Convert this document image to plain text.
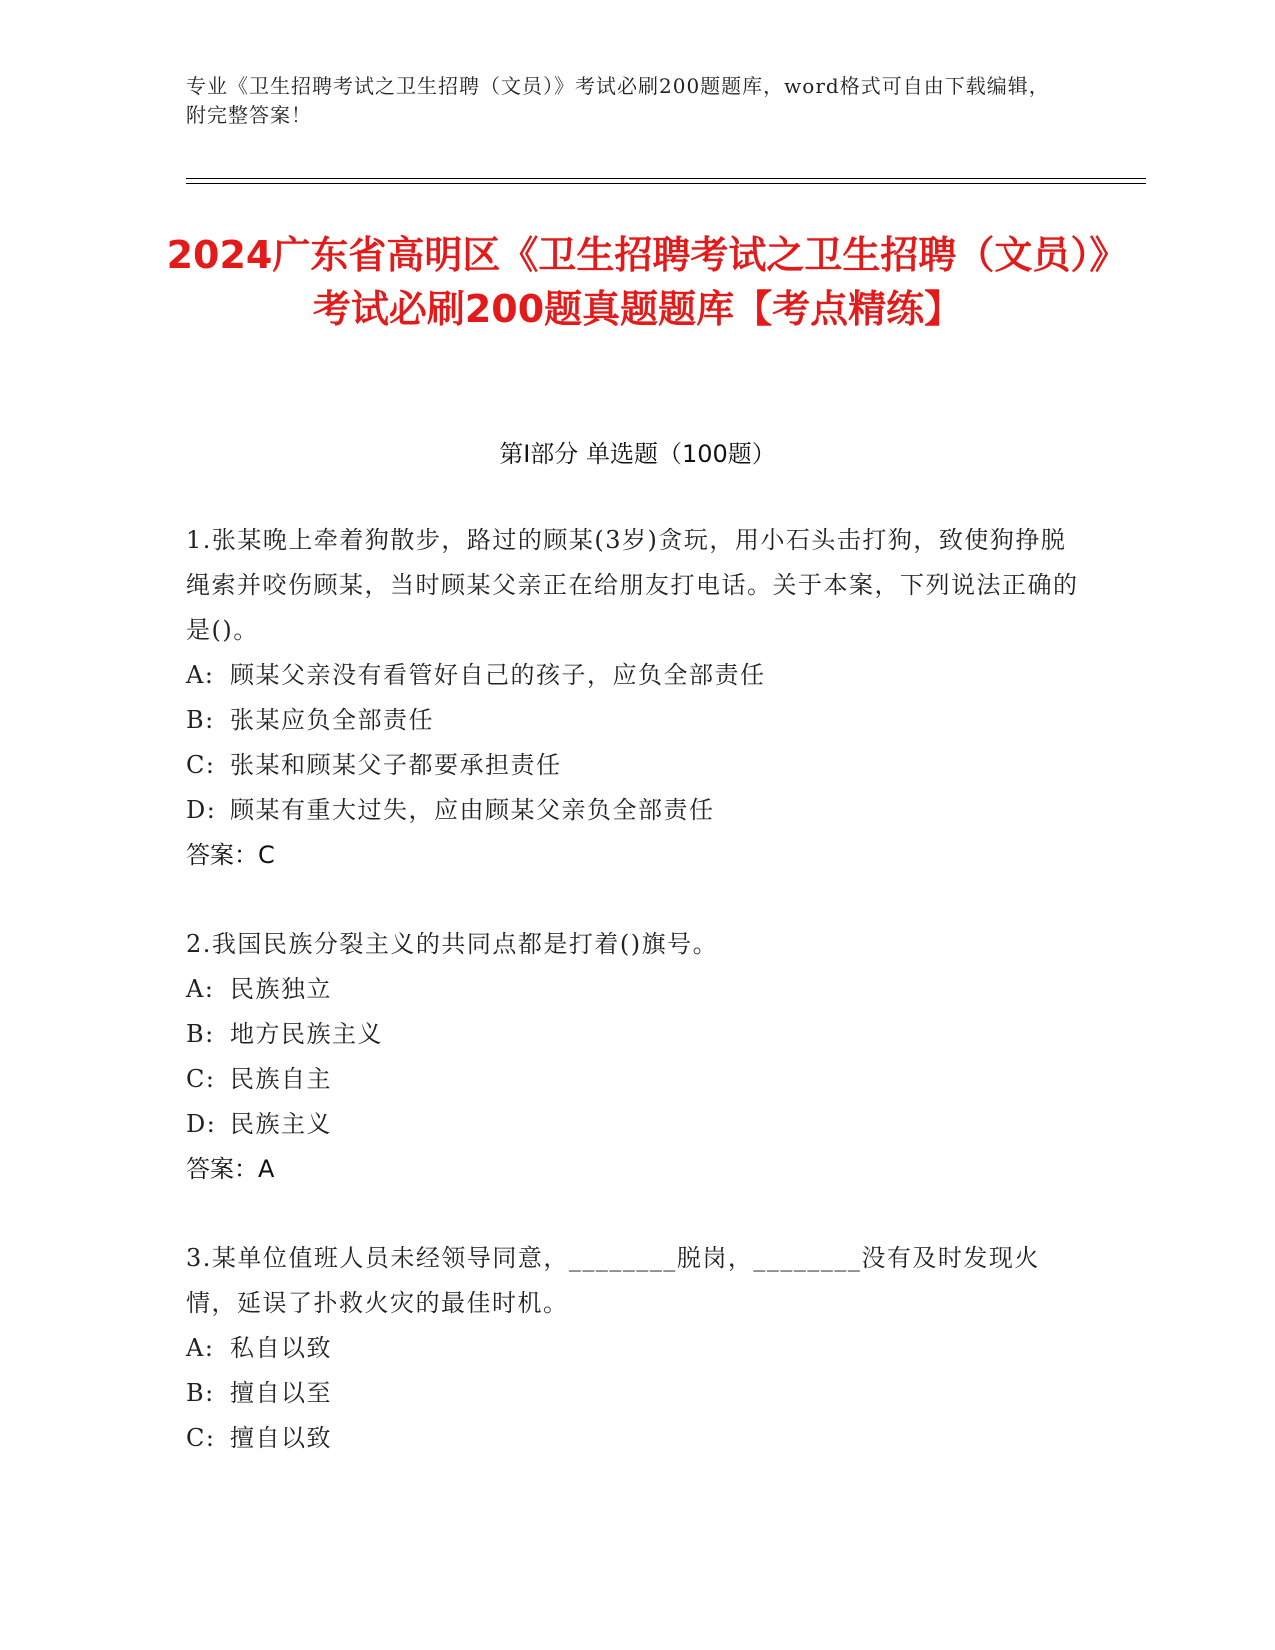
专业《卫生招聘考试之卫生招聘（文员）》考试必刷200题题库，word格式可自由下载编辑，附完整答案！
2024广东省高明区《卫生招聘考试之卫生招聘（文员）》考试必刷200题真题题库【考点精练】
第I部分 单选题（100题）
1.张某晚上牵着狗散步，路过的顾某(3岁)贪玩，用小石头击打狗，致使狗挣脱绳索并咬伤顾某，当时顾某父亲正在给朋友打电话。关于本案，下列说法正确的是()。
A: 顾某父亲没有看管好自己的孩子，应负全部责任
B: 张某应负全部责任
C: 张某和顾某父子都要承担责任
D: 顾某有重大过失，应由顾某父亲负全部责任
答案：C
2.我国民族分裂主义的共同点都是打着()旗号。
A: 民族独立
B: 地方民族主义
C: 民族自主
D: 民族主义
答案：A
3.某单位值班人员未经领导同意，________脱岗，________没有及时发现火情，延误了扑救火灾的最佳时机。
A: 私自以致
B: 擅自以至
C: 擅自以致
